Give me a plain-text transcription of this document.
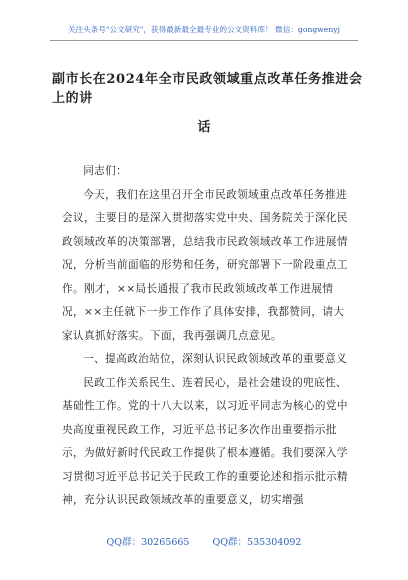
关注头条号"公文研究"，获得最新最全最专业的公文资料库！ 微信：gongwenyj
副市长在2024年全市民政领域重点改革任务推进会上的讲
话

同志们：

今天，我们在这里召开全市民政领域重点改革任务推进会议，主要目的是深入贯彻落实党中央、国务院关于深化民政领域改革的决策部署，总结我市民政领域改革工作进展情况，分析当前面临的形势和任务，研究部署下一阶段重点工作。刚才，××局长通报了我市民政领域改革工作进展情况，××主任就下一步工作作了具体安排，我都赞同，请大家认真抓好落实。下面，我再强调几点意见。

一、提高政治站位，深刻认识民政领域改革的重要意义

民政工作关系民生、连着民心，是社会建设的兜底性、基础性工作。党的十八大以来，以习近平同志为核心的党中央高度重视民政工作，习近平总书记多次作出重要指示批示，为做好新时代民政工作提供了根本遵循。我们要深入学习贯彻习近平总书记关于民政工作的重要论述和指示批示精神，充分认识民政领域改革的重要意义，切实增强

QQ群：30265665 QQ群：535304092
